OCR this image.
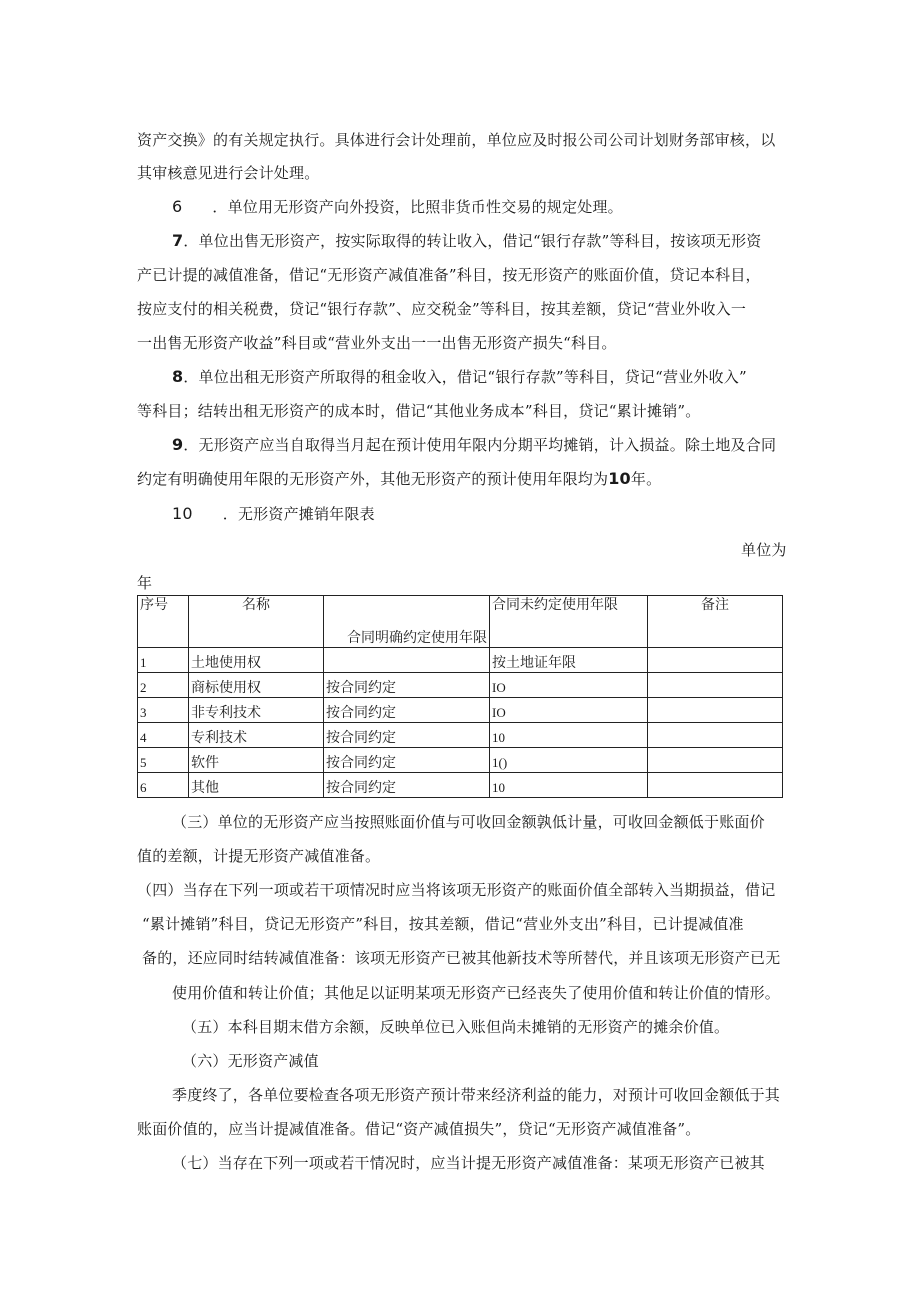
资产交换》的有关规定执行。具体进行会计处理前，单位应及时报公司公司计划财务部审核，以
其审核意见进行会计处理。
6 ．单位用无形资产向外投资，比照非货币性交易的规定处理。
7．单位出售无形资产，按实际取得的转让收入，借记“银行存款”等科目，按该项无形资
产已计提的减值准备，借记“无形资产减值准备”科目，按无形资产的账面价值，贷记本科目，
按应支付的相关税费，贷记“银行存款”、应交税金”等科目，按其差额，贷记“营业外收入一
一出售无形资产收益”科目或“营业外支出一一出售无形资产损失“科目。
8．单位出租无形资产所取得的租金收入，借记“银行存款”等科目，贷记“营业外收入”
等科目；结转出租无形资产的成本时，借记“其他业务成本”科目，贷记“累计摊销”。
9．无形资产应当自取得当月起在预计使用年限内分期平均摊销，计入损益。除土地及合同
约定有明确使用年限的无形资产外，其他无形资产的预计使用年限均为10年。
10 ．无形资产摊销年限表
单位为
年
序号	名称	合同明确约定使用年限	合同未约定使用年限	备注
1	土地使用权		按土地证年限	
2	商标使用权	按合同约定	IO	
3	非专利技术	按合同约定	IO	
4	专利技术	按合同约定	10	
5	软件	按合同约定	1()	
6	其他	按合同约定	10	
（三）单位的无形资产应当按照账面价值与可收回金额孰低计量，可收回金额低于账面价
值的差额，计提无形资产减值准备。
（四）当存在下列一项或若干项情况时应当将该项无形资产的账面价值全部转入当期损益，借记
“累计摊销”科目，贷记无形资产”科目，按其差额，借记“营业外支出”科目，已计提减值准
备的，还应同时结转减值准备：该项无形资产已被其他新技术等所替代，并且该项无形资产已无
使用价值和转让价值；其他足以证明某项无形资产已经丧失了使用价值和转让价值的情形。
（五）本科目期末借方余额，反映单位已入账但尚未摊销的无形资产的摊余价值。
（六）无形资产减值
季度终了，各单位要检查各项无形资产预计带来经济利益的能力，对预计可收回金额低于其
账面价值的，应当计提减值准备。借记“资产减值损失”，贷记“无形资产减值准备”。
（七）当存在下列一项或若干情况时，应当计提无形资产减值准备：某项无形资产已被其
